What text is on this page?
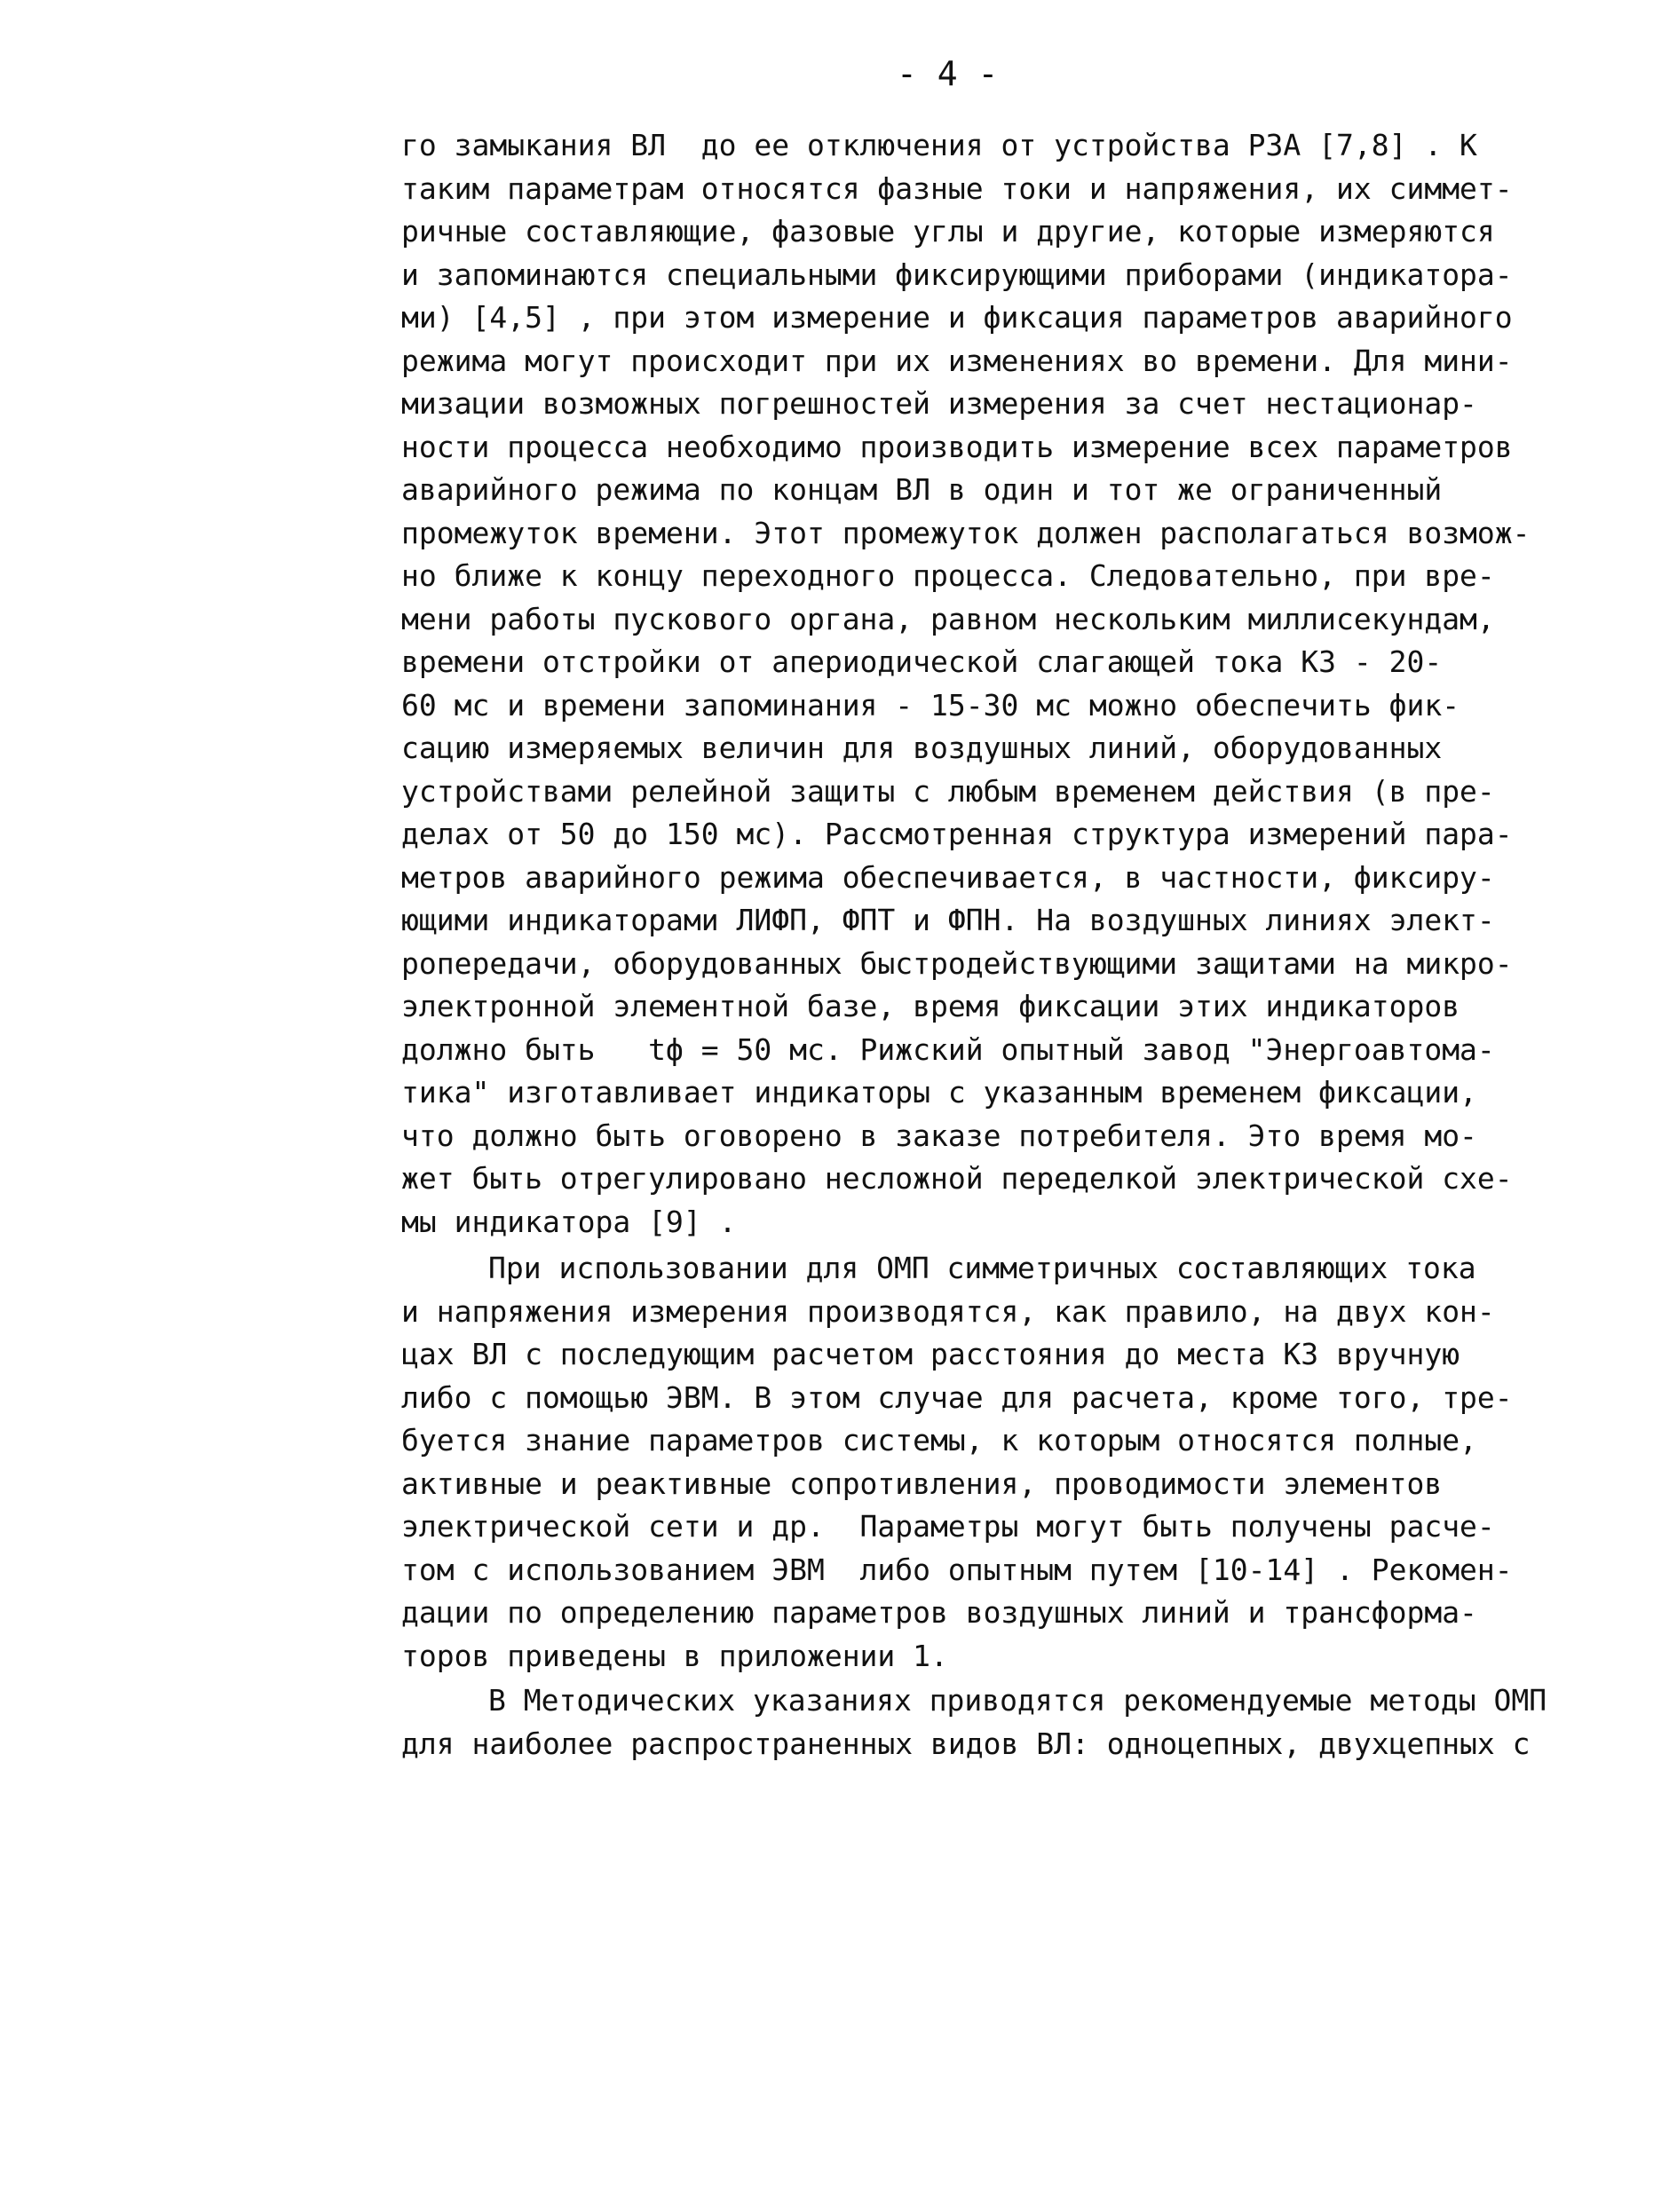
- 4 -
го замыкания ВЛ  до ее отключения от устройства РЗА [7,8] . К
таким параметрам относятся фазные токи и напряжения, их симмет-
ричные составляющие, фазовые углы и другие, которые измеряются
и запоминаются специальными фиксирующими приборами (индикатора-
ми) [4,5] , при этом измерение и фиксация параметров аварийного
режима могут происходит при их изменениях во времени. Для мини-
мизации возможных погрешностей измерения за счет нестационар-
ности процесса необходимо производить измерение всех параметров
аварийного режима по концам ВЛ в один и тот же ограниченный
промежуток времени. Этот промежуток должен располагаться возмож-
но ближе к концу переходного процесса. Следовательно, при вре-
мени работы пускового органа, равном нескольким миллисекундам,
времени отстройки от апериодической слагающей тока КЗ - 20-
60 мс и времени запоминания - 15-30 мс можно обеспечить фик-
сацию измеряемых величин для воздушных линий, оборудованных
устройствами релейной защиты с любым временем действия (в пре-
делах от 50 до 150 мс). Рассмотренная структура измерений пара-
метров аварийного режима обеспечивается, в частности, фиксиру-
ющими индикаторами ЛИФП, ФПТ и ФПН. На воздушных линиях элект-
ропередачи, оборудованных быстродействующими защитами на микро-
электронной элементной базе, время фиксации этих индикаторов
должно быть   tф = 50 мс. Рижский опытный завод "Энергоавтома-
тика" изготавливает индикаторы с указанным временем фиксации,
что должно быть оговорено в заказе потребителя. Это время мо-
жет быть отрегулировано несложной переделкой электрической схе-
мы индикатора [9] .
При использовании для ОМП симметричных составляющих тока
и напряжения измерения производятся, как правило, на двух кон-
цах ВЛ с последующим расчетом расстояния до места КЗ вручную
либо с помощью ЭВМ. В этом случае для расчета, кроме того, тре-
буется знание параметров системы, к которым относятся полные,
активные и реактивные сопротивления, проводимости элементов
электрической сети и др.  Параметры могут быть получены расче-
том с использованием ЭВМ  либо опытным путем [10-14] . Рекомен-
дации по определению параметров воздушных линий и трансформа-
торов приведены в приложении 1.
В Методических указаниях приводятся рекомендуемые методы ОМП
для наиболее распространенных видов ВЛ: одноцепных, двухцепных с
